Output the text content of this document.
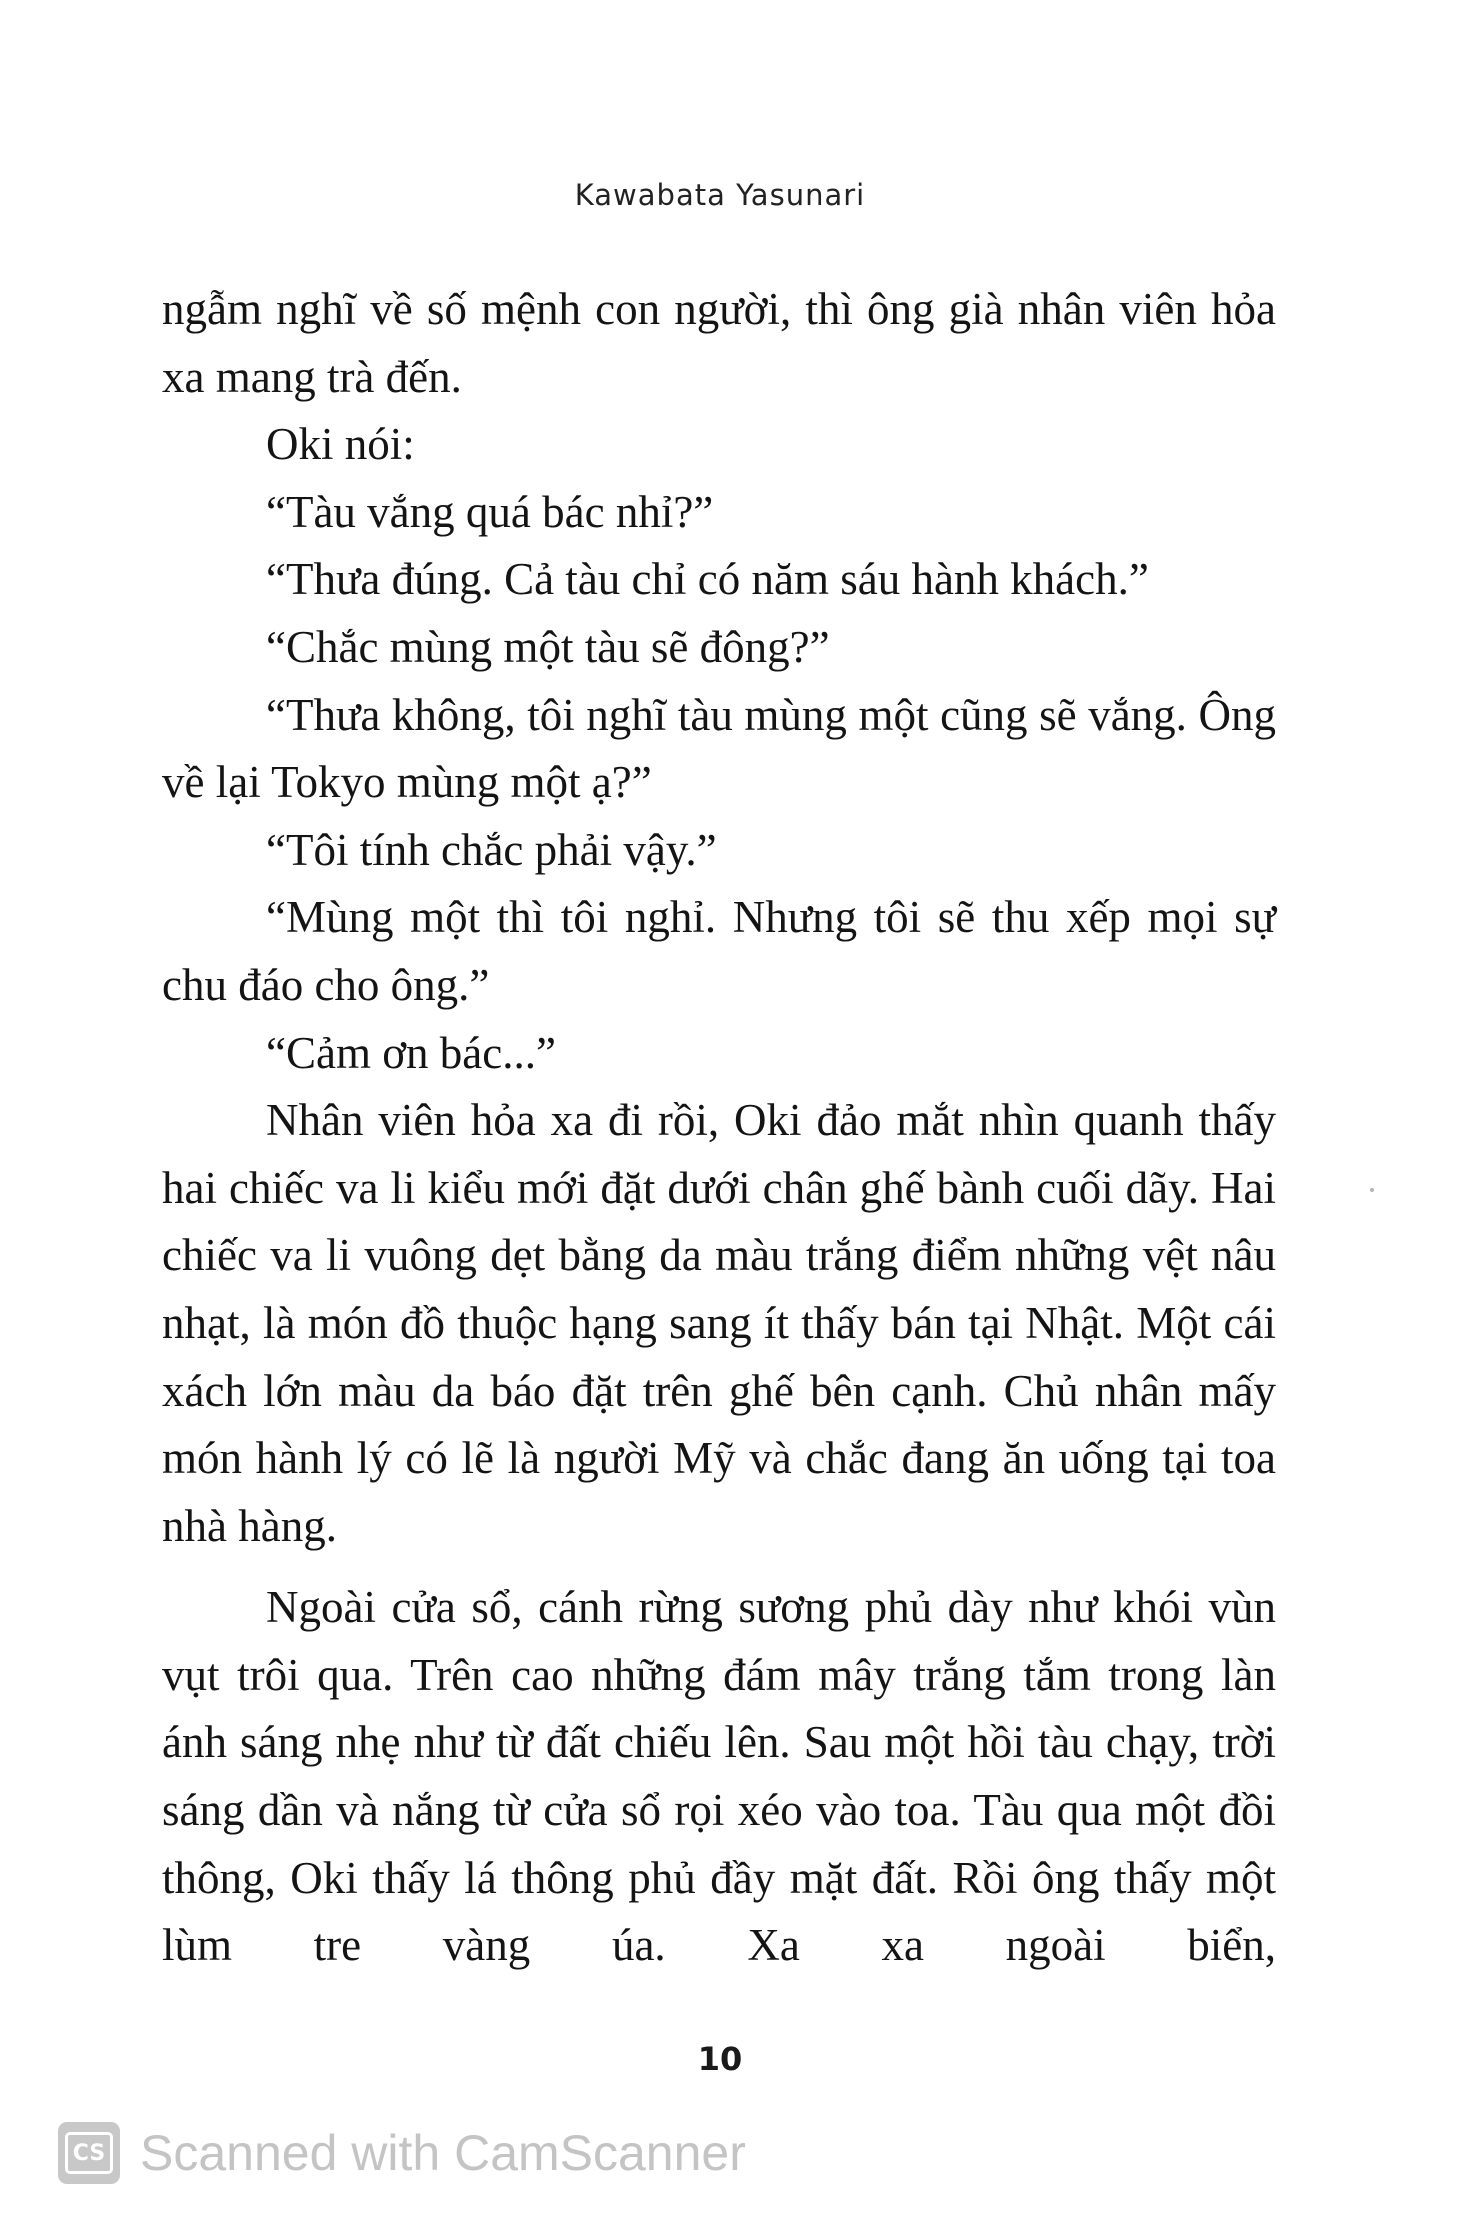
Kawabata Yasunari

ngẫm nghĩ về số mệnh con người, thì ông già nhân viên hỏa xa mang trà đến.

Oki nói:

“Tàu vắng quá bác nhỉ?”

“Thưa đúng. Cả tàu chỉ có năm sáu hành khách.”

“Chắc mùng một tàu sẽ đông?”

“Thưa không, tôi nghĩ tàu mùng một cũng sẽ vắng. Ông về lại Tokyo mùng một ạ?”

“Tôi tính chắc phải vậy.”

“Mùng một thì tôi nghỉ. Nhưng tôi sẽ thu xếp mọi sự chu đáo cho ông.”

“Cảm ơn bác...”

Nhân viên hỏa xa đi rồi, Oki đảo mắt nhìn quanh thấy hai chiếc va li kiểu mới đặt dưới chân ghế bành cuối dãy. Hai chiếc va li vuông dẹt bằng da màu trắng điểm những vệt nâu nhạt, là món đồ thuộc hạng sang ít thấy bán tại Nhật. Một cái xách lớn màu da báo đặt trên ghế bên cạnh. Chủ nhân mấy món hành lý có lẽ là người Mỹ và chắc đang ăn uống tại toa nhà hàng.

Ngoài cửa sổ, cánh rừng sương phủ dày như khói vùn vụt trôi qua. Trên cao những đám mây trắng tắm trong làn ánh sáng nhẹ như từ đất chiếu lên. Sau một hồi tàu chạy, trời sáng dần và nắng từ cửa sổ rọi xéo vào toa. Tàu qua một đồi thông, Oki thấy lá thông phủ đầy mặt đất. Rồi ông thấy một lùm tre vàng úa. Xa xa ngoài biển,

10
CS Scanned with CamScanner
